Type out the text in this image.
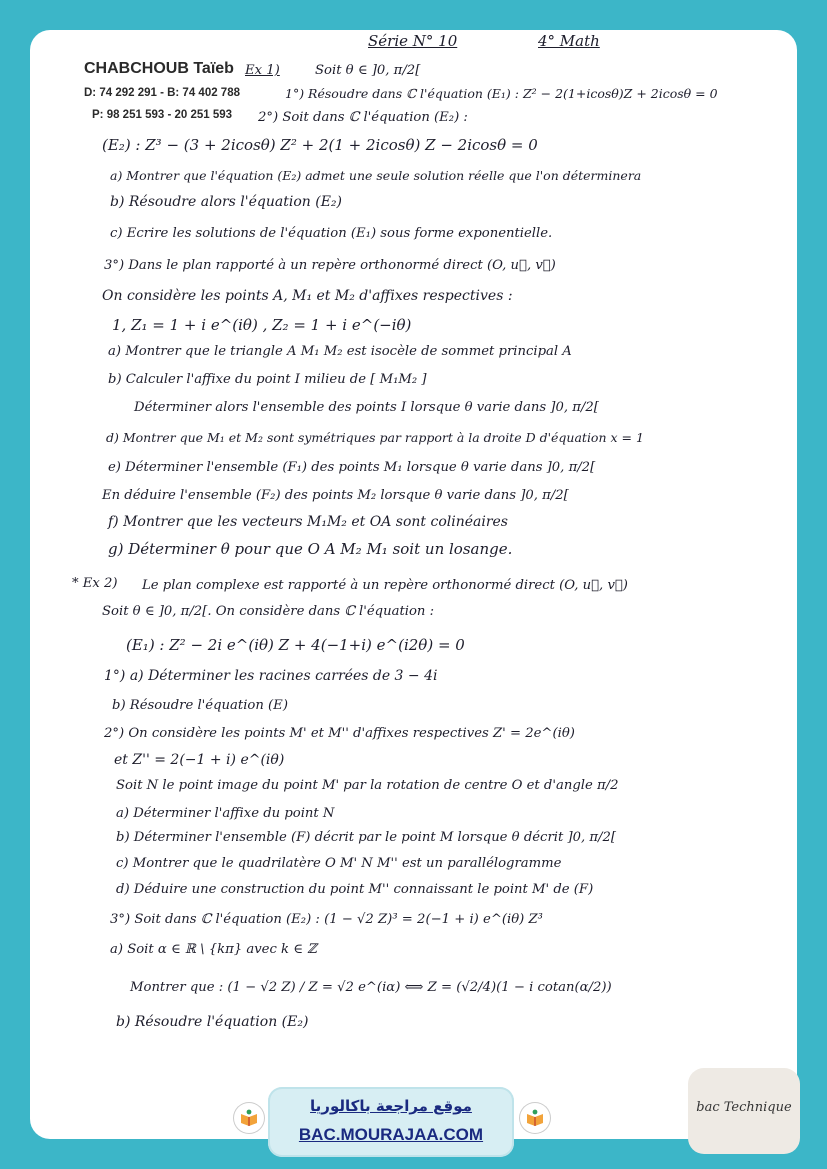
Série N° 10	4° Math
CHABCHOUB Taïeb
D: 74 292 291 - B: 74 402 788
P: 98 251 593 - 20 251 593
Ex 1)	Soit θ ∈ ]0, π/2[
1°) Résoudre dans ℂ l'équation (E₁) : Z² − 2(1+icosθ)Z + 2icosθ = 0
2°) Soit dans ℂ l'équation (E₂) :
(E₂) : Z³ − (3 + 2icosθ) Z² + 2(1 + 2icosθ) Z − 2icosθ = 0
a) Montrer que l'équation (E₂) admet une seule solution réelle que l'on déterminera
b) Résoudre alors l'équation (E₂)
c) Ecrire les solutions de l'équation (E₁) sous forme exponentielle.
3°) Dans le plan rapporté à un repère orthonormé direct (O, u⃗, v⃗)
On considère les points A, M₁ et M₂ d'affixes respectives :
1, Z₁ = 1 + i e^(iθ) , Z₂ = 1 + i e^(−iθ)
a) Montrer que le triangle A M₁ M₂ est isocèle de sommet principal A
b) Calculer l'affixe du point I milieu de [ M₁M₂ ]
Déterminer alors l'ensemble des points I lorsque θ varie dans ]0, π/2[
d) Montrer que M₁ et M₂ sont symétriques par rapport à la droite D d'équation x = 1
e) Déterminer l'ensemble (F₁) des points M₁ lorsque θ varie dans ]0, π/2[
En déduire l'ensemble (F₂) des points M₂ lorsque θ varie dans ]0, π/2[
f) Montrer que les vecteurs M₁M₂ et OA sont colinéaires
g) Déterminer θ pour que O A M₂ M₁ soit un losange.
* Ex 2) Le plan complexe est rapporté à un repère orthonormé direct (O, u⃗, v⃗)
Soit θ ∈ ]0, π/2[. On considère dans ℂ l'équation :
(E₁) : Z² − 2i e^(iθ) Z + 4(−1+i) e^(i2θ) = 0
1°) a) Déterminer les racines carrées de 3 − 4i
b) Résoudre l'équation (E)
2°) On considère les points M' et M'' d'affixes respectives Z' = 2e^(iθ)
et Z'' = 2(−1 + i) e^(iθ)
Soit N le point image du point M' par la rotation de centre O et d'angle π/2
a) Déterminer l'affixe du point N
b) Déterminer l'ensemble (F) décrit par le point M lorsque θ décrit ]0, π/2[
c) Montrer que le quadrilatère O M' N M'' est un parallélogramme
d) Déduire une construction du point M'' connaissant le point M' de (F)
3°) Soit dans ℂ l'équation (E₂) : (1 − √2 Z)³ = 2(−1 + i) e^(iθ) Z³
a) Soit α ∈ ℝ \ {kπ} avec k ∈ ℤ
Montrer que : (1 − √2 Z) / Z = √2 e^(iα) ⟺ Z = (√2/4)(1 − i cotan(α/2))
b) Résoudre l'équation (E₂)
موقع مراجعة باكالوريا
BAC.MOURAJAA.COM
bac Technique
